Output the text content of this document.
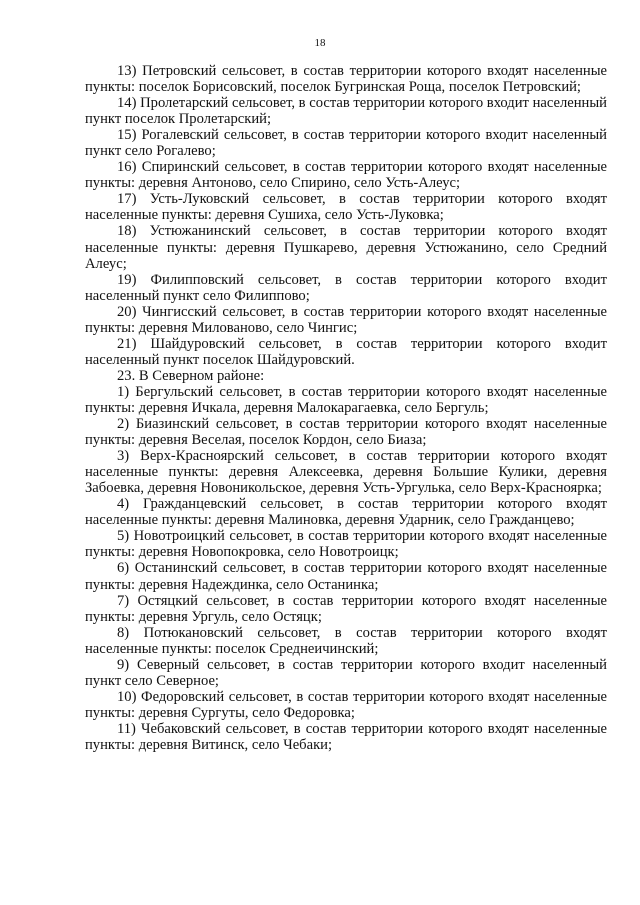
18

13) Петровский сельсовет, в состав территории которого входят населенные пункты: поселок Борисовский, поселок Бугринская Роща, поселок Петровский;

14) Пролетарский сельсовет, в состав территории которого входит населенный пункт поселок Пролетарский;

15) Рогалевский сельсовет, в состав территории которого входит населенный пункт село Рогалево;

16) Спиринский сельсовет, в состав территории которого входят населенные пункты: деревня Антоново, село Спирино, село Усть-Алеус;

17) Усть-Луковский сельсовет, в состав территории которого входят населенные пункты: деревня Сушиха, село Усть-Луковка;

18) Устюжанинский сельсовет, в состав территории которого входят населенные пункты: деревня Пушкарево, деревня Устюжанино, село Средний Алеус;

19) Филипповский сельсовет, в состав территории которого входит населенный пункт село Филиппово;

20) Чингисский сельсовет, в состав территории которого входят населенные пункты: деревня Милованово, село Чингис;

21) Шайдуровский сельсовет, в состав территории которого входит населенный пункт поселок Шайдуровский.

23. В Северном районе:

1) Бергульский сельсовет, в состав территории которого входят населенные пункты: деревня Ичкала, деревня Малокарагаевка, село Бергуль;

2) Биазинский сельсовет, в состав территории которого входят населенные пункты: деревня Веселая, поселок Кордон, село Биаза;

3) Верх-Красноярский сельсовет, в состав территории которого входят населенные пункты: деревня Алексеевка, деревня Большие Кулики, деревня Забоевка, деревня Новоникольское, деревня Усть-Ургулька, село Верх-Красноярка;

4) Гражданцевский сельсовет, в состав территории которого входят населенные пункты: деревня Малиновка, деревня Ударник, село Гражданцево;

5) Новотроицкий сельсовет, в состав территории которого входят населенные пункты: деревня Новопокровка, село Новотроицк;

6) Останинский сельсовет, в состав территории которого входят населенные пункты: деревня Надеждинка, село Останинка;

7) Остяцкий сельсовет, в состав территории которого входят населенные пункты: деревня Ургуль, село Остяцк;

8) Потюкановский сельсовет, в состав территории которого входят населенные пункты: поселок Среднеичинский;

9) Северный сельсовет, в состав территории которого входит населенный пункт село Северное;

10) Федоровский сельсовет, в состав территории которого входят населенные пункты: деревня Сургуты, село Федоровка;

11) Чебаковский сельсовет, в состав территории которого входят населенные пункты: деревня Витинск, село Чебаки;
